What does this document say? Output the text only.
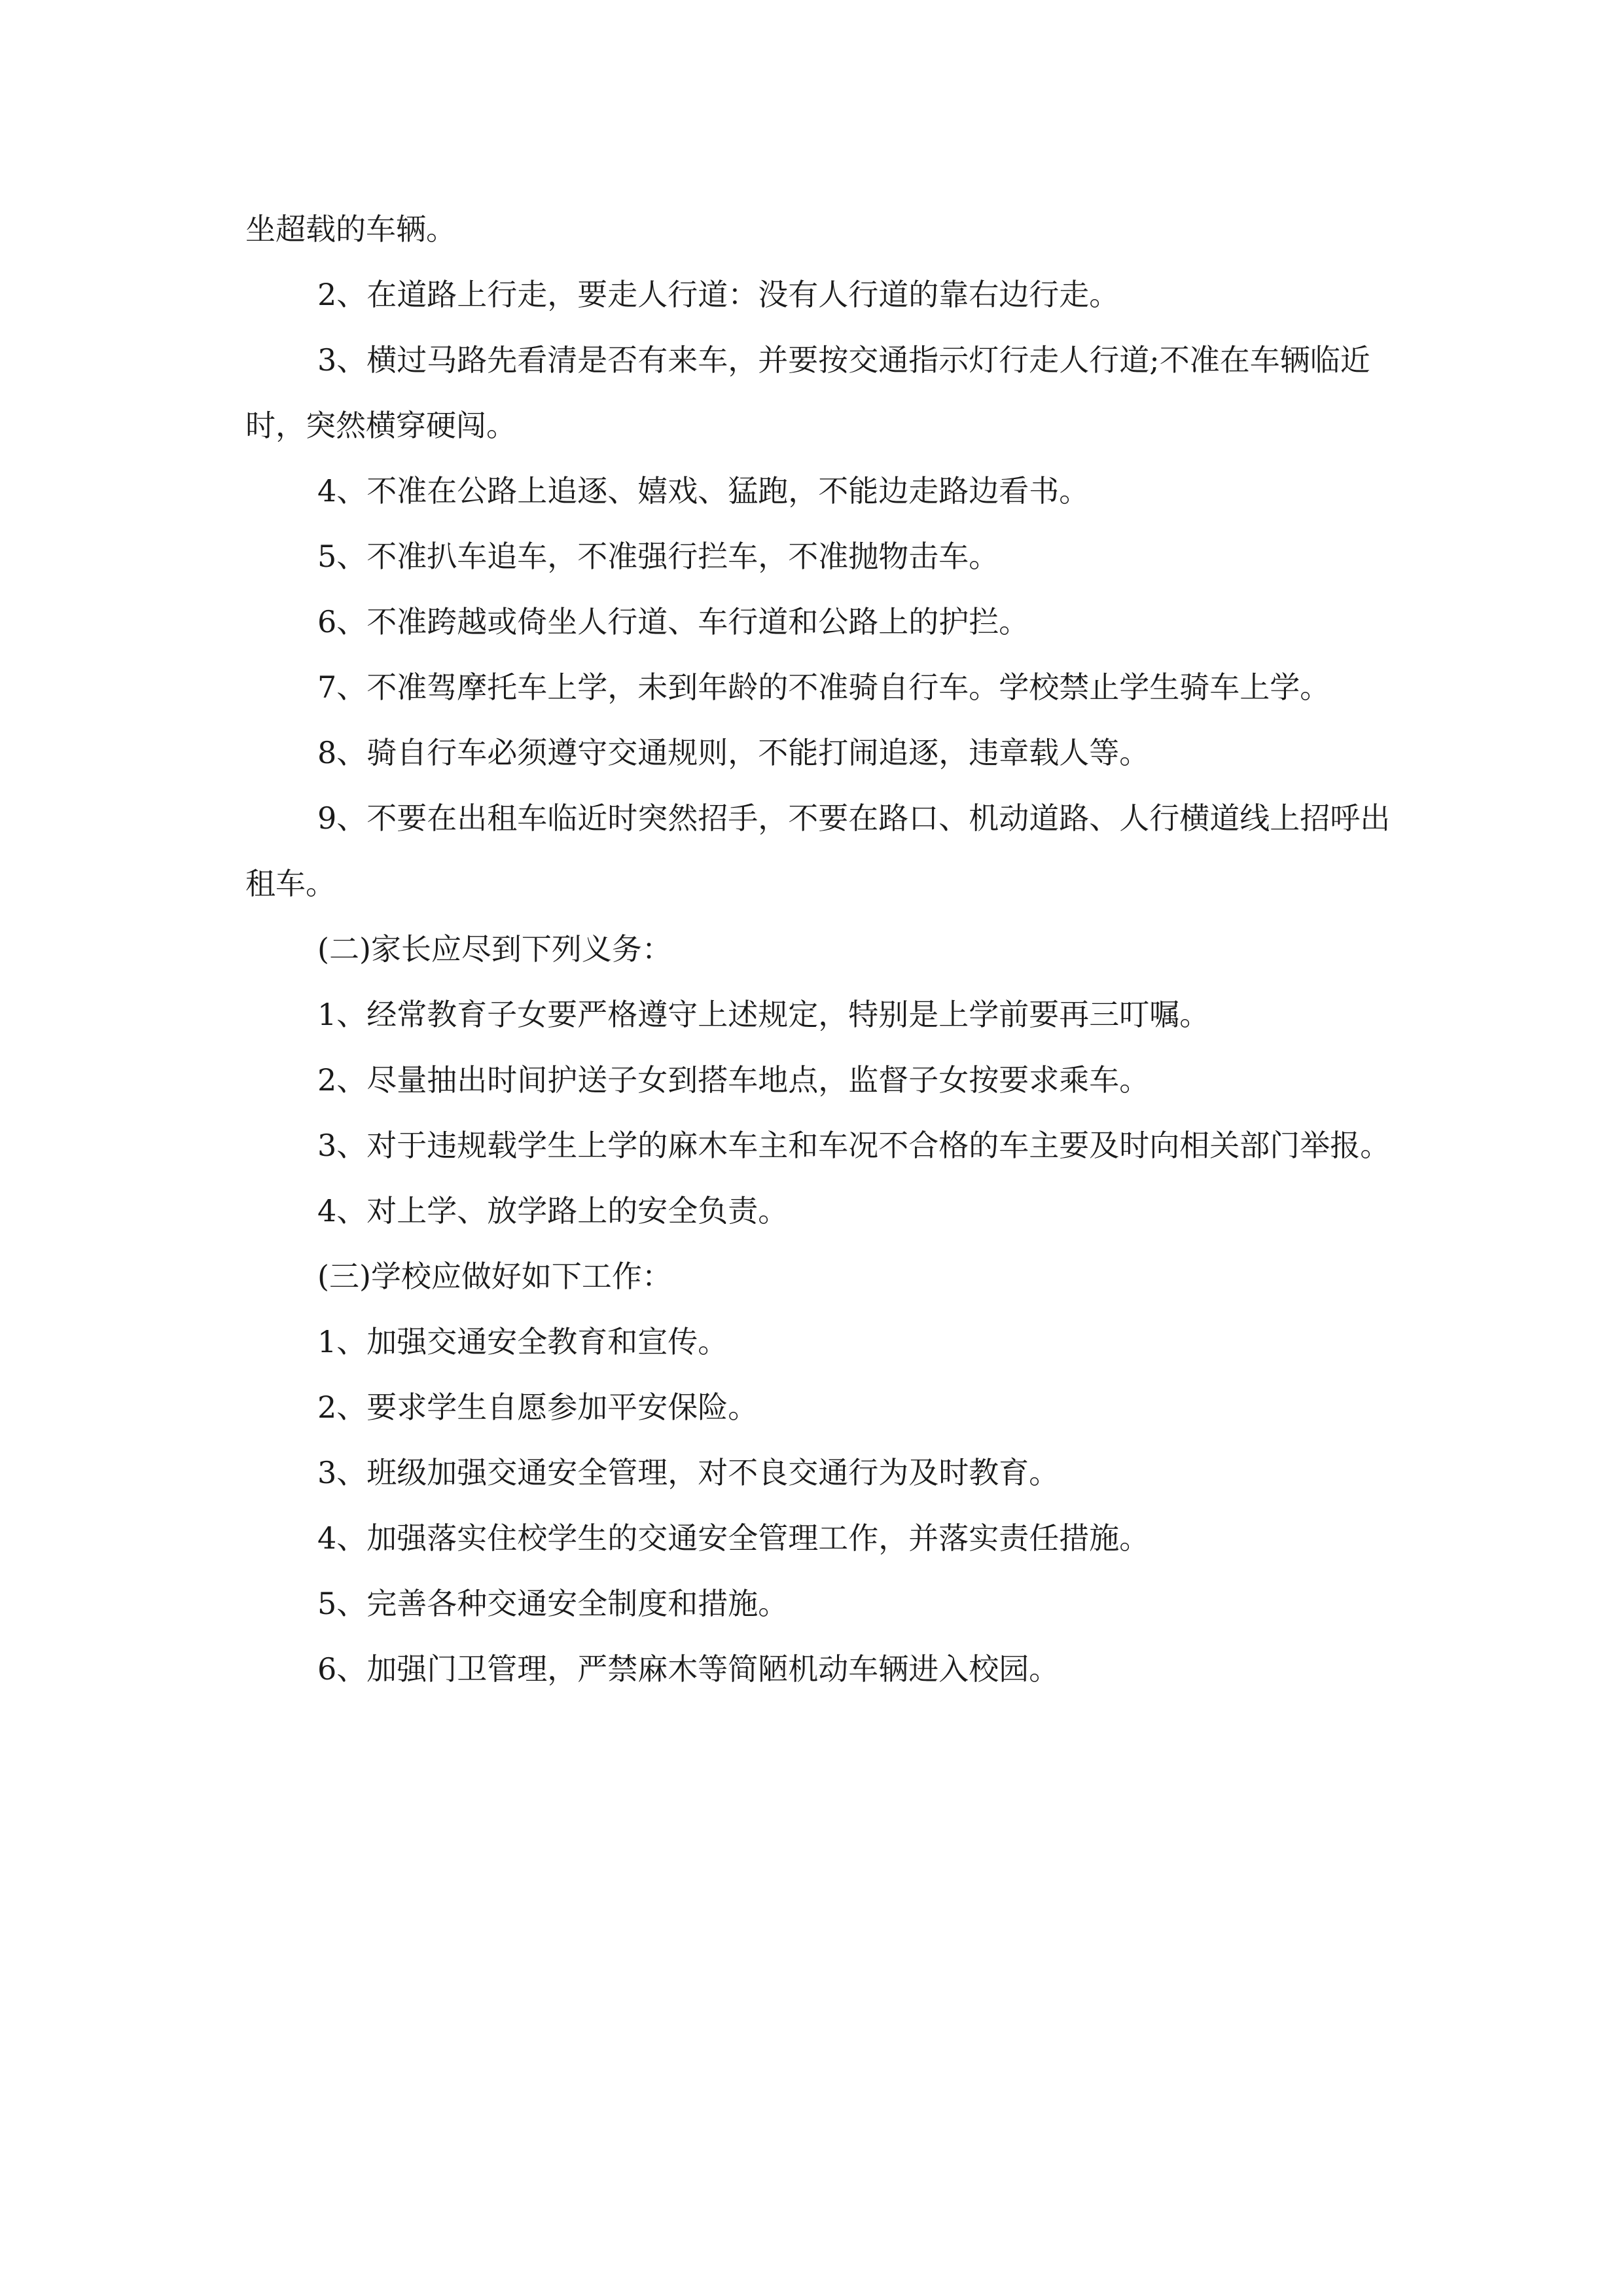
坐超载的车辆。

2、在道路上行走，要走人行道：没有人行道的靠右边行走。

3、横过马路先看清是否有来车，并要按交通指示灯行走人行道;不准在车辆临近时，突然横穿硬闯。

4、不准在公路上追逐、嬉戏、猛跑，不能边走路边看书。

5、不准扒车追车，不准强行拦车，不准抛物击车。

6、不准跨越或倚坐人行道、车行道和公路上的护拦。

7、不准驾摩托车上学，未到年龄的不准骑自行车。学校禁止学生骑车上学。

8、骑自行车必须遵守交通规则，不能打闹追逐，违章载人等。

9、不要在出租车临近时突然招手，不要在路口、机动道路、人行横道线上招呼出租车。

(二)家长应尽到下列义务：

1、经常教育子女要严格遵守上述规定，特别是上学前要再三叮嘱。

2、尽量抽出时间护送子女到搭车地点，监督子女按要求乘车。

3、对于违规载学生上学的麻木车主和车况不合格的车主要及时向相关部门举报。

4、对上学、放学路上的安全负责。

(三)学校应做好如下工作：

1、加强交通安全教育和宣传。

2、要求学生自愿参加平安保险。

3、班级加强交通安全管理，对不良交通行为及时教育。

4、加强落实住校学生的交通安全管理工作，并落实责任措施。

5、完善各种交通安全制度和措施。

6、加强门卫管理，严禁麻木等简陋机动车辆进入校园。
